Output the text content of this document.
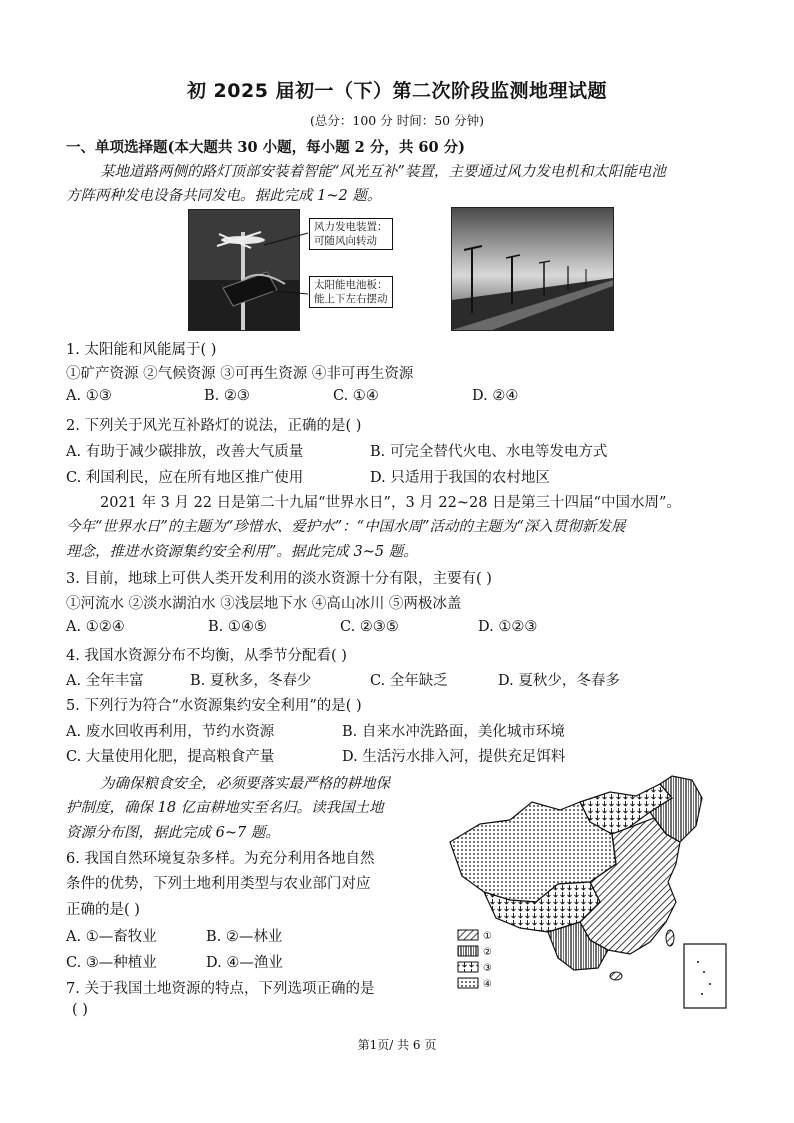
初 2025 届初一（下）第二次阶段监测地理试题
(总分：100 分 时间：50 分钟)
一、单项选择题(本大题共 30 小题，每小题 2 分，共 60 分)
某地道路两侧的路灯顶部安装着智能“风光互补”装置，主要通过风力发电机和太阳能电池
方阵两种发电设备共同发电。据此完成 1~2 题。
风力发电装置：
可随风向转动
太阳能电池板：
能上下左右摆动
1. 太阳能和风能属于( )
①矿产资源 ②气候资源 ③可再生资源 ④非可再生资源
A. ①③	B. ②③	C. ①④	D. ②④
2. 下列关于风光互补路灯的说法，正确的是( )
A. 有助于减少碳排放，改善大气质量	B. 可完全替代火电、水电等发电方式
C. 利国利民，应在所有地区推广使用	D. 只适用于我国的农村地区
2021 年 3 月 22 日是第二十九届“世界水日”，3 月 22~28 日是第三十四届“中国水周”。
今年“世界水日”的主题为“珍惜水、爱护水”：“中国水周”活动的主题为“深入贯彻新发展
理念，推进水资源集约安全利用”。据此完成 3~5 题。
3. 目前，地球上可供人类开发利用的淡水资源十分有限，主要有( )
①河流水 ②淡水湖泊水 ③浅层地下水 ④高山冰川 ⑤两极冰盖
A. ①②④	B. ①④⑤	C. ②③⑤	D. ①②③
4. 我国水资源分布不均衡，从季节分配看( )
A. 全年丰富	B. 夏秋多，冬春少	C. 全年缺乏	D. 夏秋少，冬春多
5. 下列行为符合“水资源集约安全利用”的是( )
A. 废水回收再利用，节约水资源	B. 自来水冲洗路面，美化城市环境
C. 大量使用化肥，提高粮食产量	D. 生活污水排入河，提供充足饵料
为确保粮食安全，必须要落实最严格的耕地保
护制度，确保 18 亿亩耕地实至名归。读我国土地
资源分布图，据此完成 6~7 题。
6. 我国自然环境复杂多样。为充分利用各地自然
条件的优势，下列土地利用类型与农业部门对应
正确的是( )
A. ①—畜牧业	B. ②—林业
C. ③—种植业	D. ④—渔业
7. 关于我国土地资源的特点，下列选项正确的是
( )
①
②
③
④
第1页/ 共 6 页
